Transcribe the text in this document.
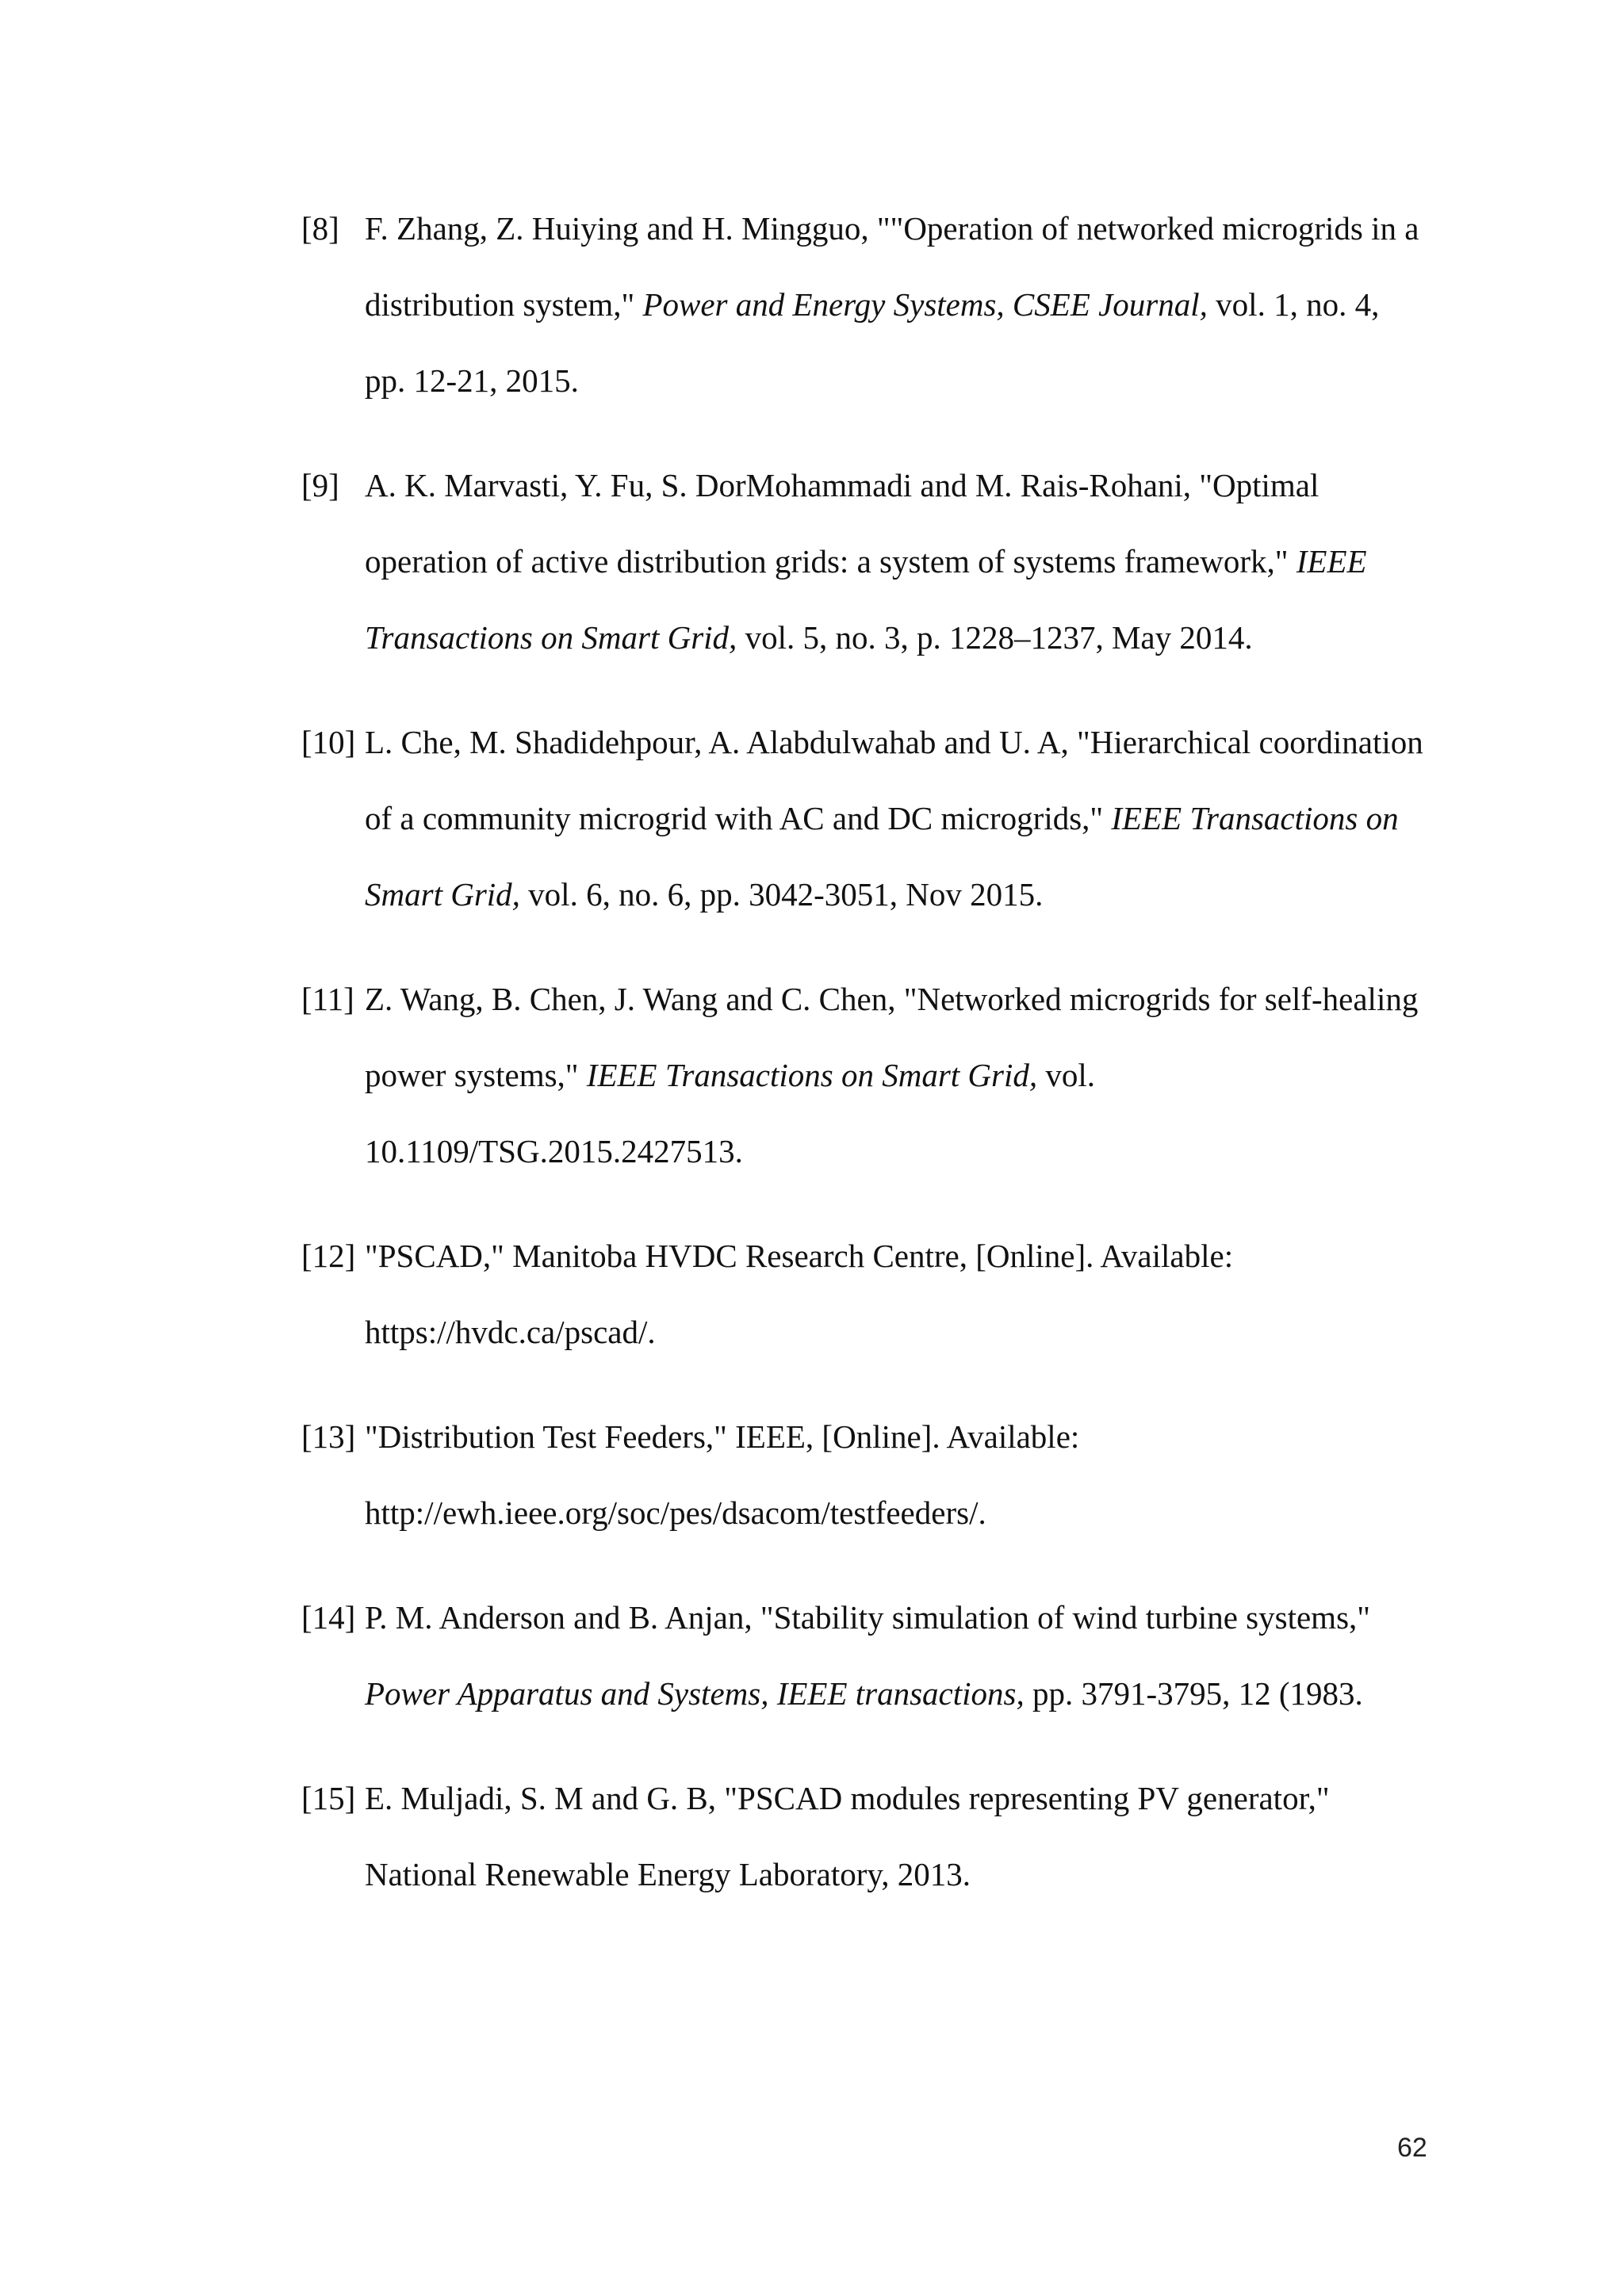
[8] F. Zhang, Z. Huiying and H. Mingguo, ""Operation of networked microgrids in a distribution system," Power and Energy Systems, CSEE Journal, vol. 1, no. 4, pp. 12-21, 2015.
[9] A. K. Marvasti, Y. Fu, S. DorMohammadi and M. Rais-Rohani, "Optimal operation of active distribution grids: a system of systems framework," IEEE Transactions on Smart Grid, vol. 5, no. 3, p. 1228–1237, May 2014.
[10] L. Che, M. Shadidehpour, A. Alabdulwahab and U. A, "Hierarchical coordination of a community microgrid with AC and DC microgrids," IEEE Transactions on Smart Grid, vol. 6, no. 6, pp. 3042-3051, Nov 2015.
[11] Z. Wang, B. Chen, J. Wang and C. Chen, "Networked microgrids for self-healing power systems," IEEE Transactions on Smart Grid, vol. 10.1109/TSG.2015.2427513.
[12] "PSCAD," Manitoba HVDC Research Centre, [Online]. Available: https://hvdc.ca/pscad/.
[13] "Distribution Test Feeders," IEEE, [Online]. Available: http://ewh.ieee.org/soc/pes/dsacom/testfeeders/.
[14] P. M. Anderson and B. Anjan, "Stability simulation of wind turbine systems," Power Apparatus and Systems, IEEE transactions, pp. 3791-3795, 12 (1983.
[15] E. Muljadi, S. M and G. B, "PSCAD modules representing PV generator," National Renewable Energy Laboratory, 2013.
62
